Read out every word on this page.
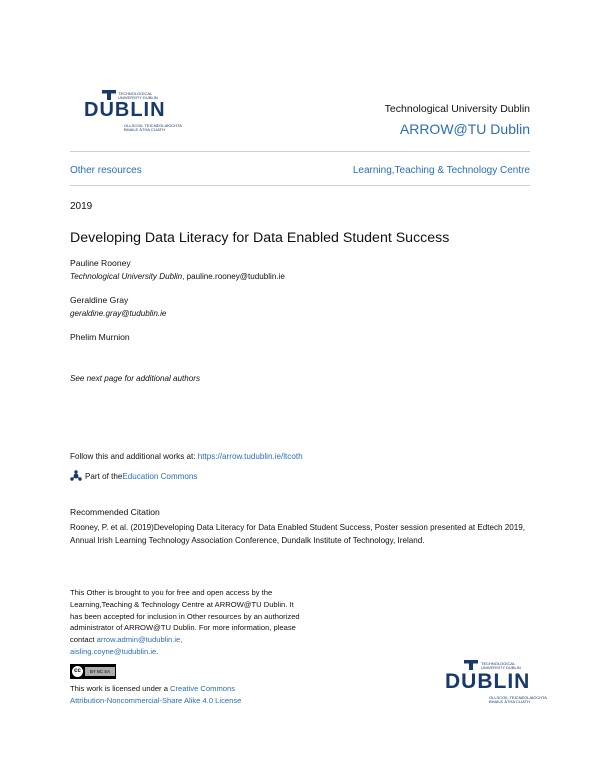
TECHNOLOGICAL
UNIVERSITY DUBLIN
DUBLIN
OLLSCOIL TEICNEOLAÍOCHTA
BHAILE ÁTHA CLIATH
Technological University Dublin
ARROW@TU Dublin
Other resources	Learning,Teaching & Technology Centre
2019
Developing Data Literacy for Data Enabled Student Success
Pauline Rooney
Technological University Dublin, pauline.rooney@tudublin.ie
Geraldine Gray
geraldine.gray@tudublin.ie
Phelim Murnion
See next page for additional authors
Follow this and additional works at: https://arrow.tudublin.ie/ltcoth
Part of the Education Commons
Recommended Citation
Rooney, P. et al. (2019)Developing Data Literacy for Data Enabled Student Success, Poster session presented at Edtech 2019, Annual Irish Learning Technology Association Conference, Dundalk Institute of Technology, Ireland.
This Other is brought to you for free and open access by the Learning,Teaching & Technology Centre at ARROW@TU Dublin. It has been accepted for inclusion in Other resources by an authorized administrator of ARROW@TU Dublin. For more information, please contact arrow.admin@tudublin.ie,
aisling.coyne@tudublin.ie.
cc	BY NC SA
This work is licensed under a Creative Commons
Attribution-Noncommercial-Share Alike 4.0 License
TECHNOLOGICAL
UNIVERSITY DUBLIN
DUBLIN
OLLSCOIL TEICNEOLAÍOCHTA
BHAILE ÁTHA CLIATH
